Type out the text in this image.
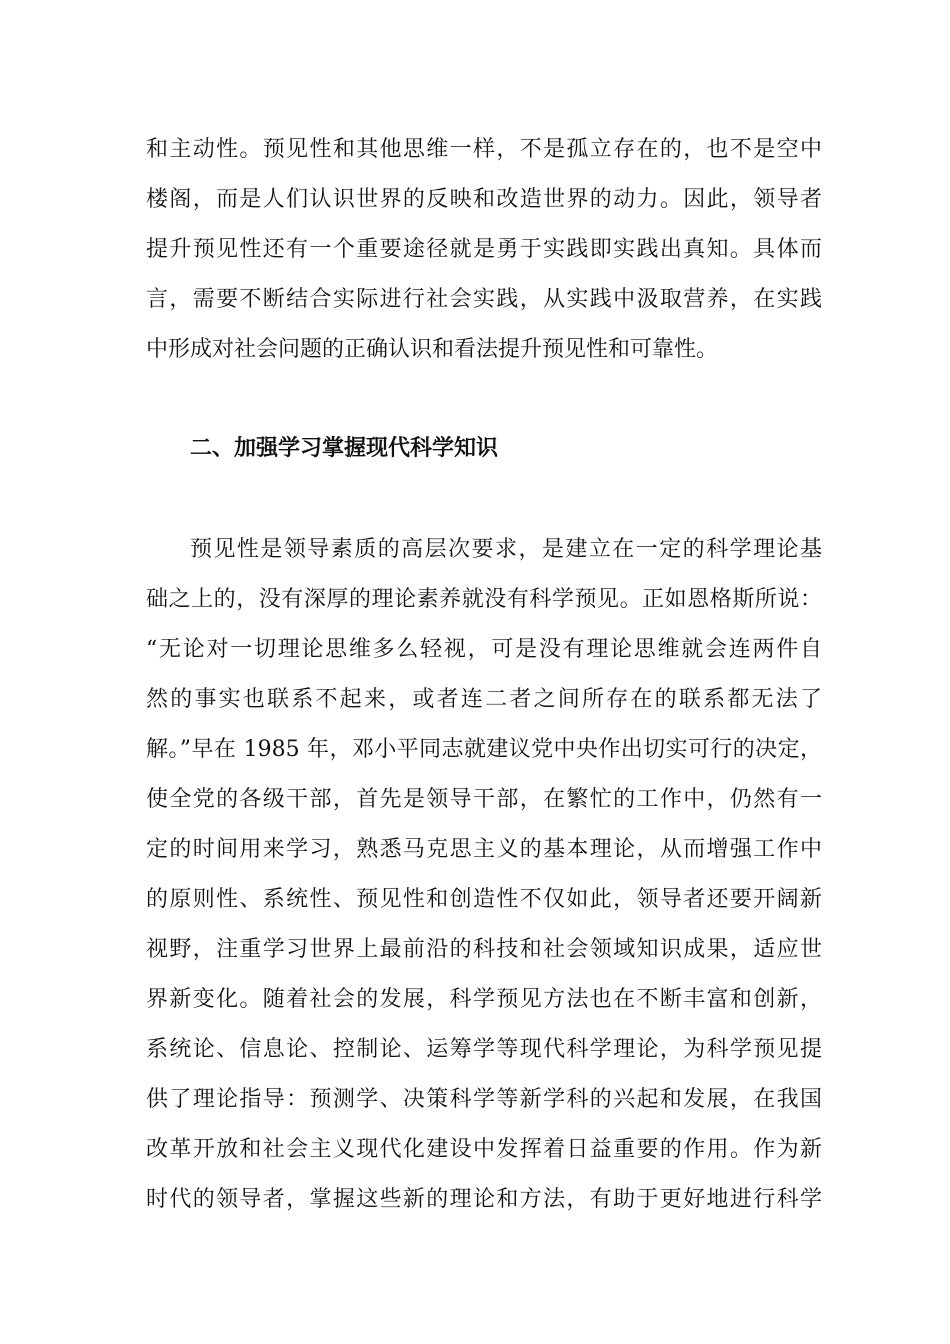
和主动性。预见性和其他思维一样，不是孤立存在的，也不是空中
楼阁，而是人们认识世界的反映和改造世界的动力。因此，领导者
提升预见性还有一个重要途径就是勇于实践即实践出真知。具体而
言，需要不断结合实际进行社会实践，从实践中汲取营养，在实践
中形成对社会问题的正确认识和看法提升预见性和可靠性。
二、加强学习掌握现代科学知识
预见性是领导素质的高层次要求，是建立在一定的科学理论基
础之上的，没有深厚的理论素养就没有科学预见。正如恩格斯所说：
“无论对一切理论思维多么轻视，可是没有理论思维就会连两件自
然的事实也联系不起来，或者连二者之间所存在的联系都无法了
解。”早在 1985 年，邓小平同志就建议党中央作出切实可行的决定，
使全党的各级干部，首先是领导干部，在繁忙的工作中，仍然有一
定的时间用来学习，熟悉马克思主义的基本理论，从而增强工作中
的原则性、系统性、预见性和创造性不仅如此，领导者还要开阔新
视野，注重学习世界上最前沿的科技和社会领域知识成果，适应世
界新变化。随着社会的发展，科学预见方法也在不断丰富和创新，
系统论、信息论、控制论、运筹学等现代科学理论，为科学预见提
供了理论指导：预测学、决策科学等新学科的兴起和发展，在我国
改革开放和社会主义现代化建设中发挥着日益重要的作用。作为新
时代的领导者，掌握这些新的理论和方法，有助于更好地进行科学
